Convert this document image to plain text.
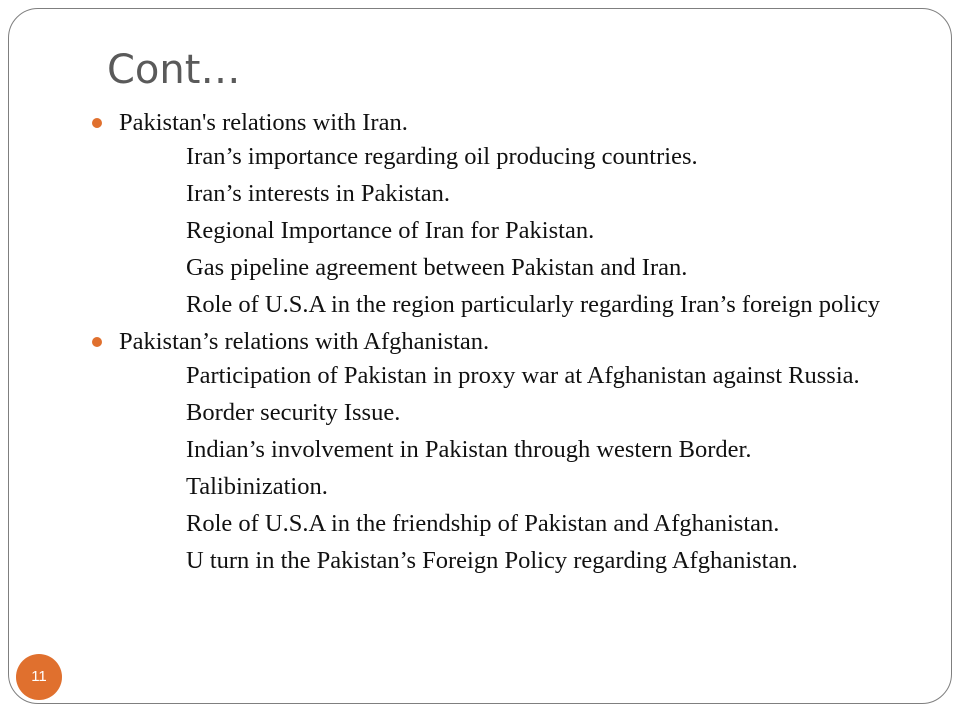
Cont…
Pakistan's relations with Iran.
Iran’s importance regarding oil producing countries.
Iran’s interests in Pakistan.
Regional Importance of Iran for Pakistan.
Gas pipeline agreement between Pakistan and Iran.
Role of U.S.A in the region particularly regarding Iran’s foreign policy
Pakistan’s relations with Afghanistan.
Participation of Pakistan in proxy war at Afghanistan against Russia.
Border security Issue.
Indian’s involvement in Pakistan through western Border.
Talibinization.
Role of U.S.A in the friendship of Pakistan and Afghanistan.
U turn in the Pakistan’s Foreign Policy regarding Afghanistan.
11
